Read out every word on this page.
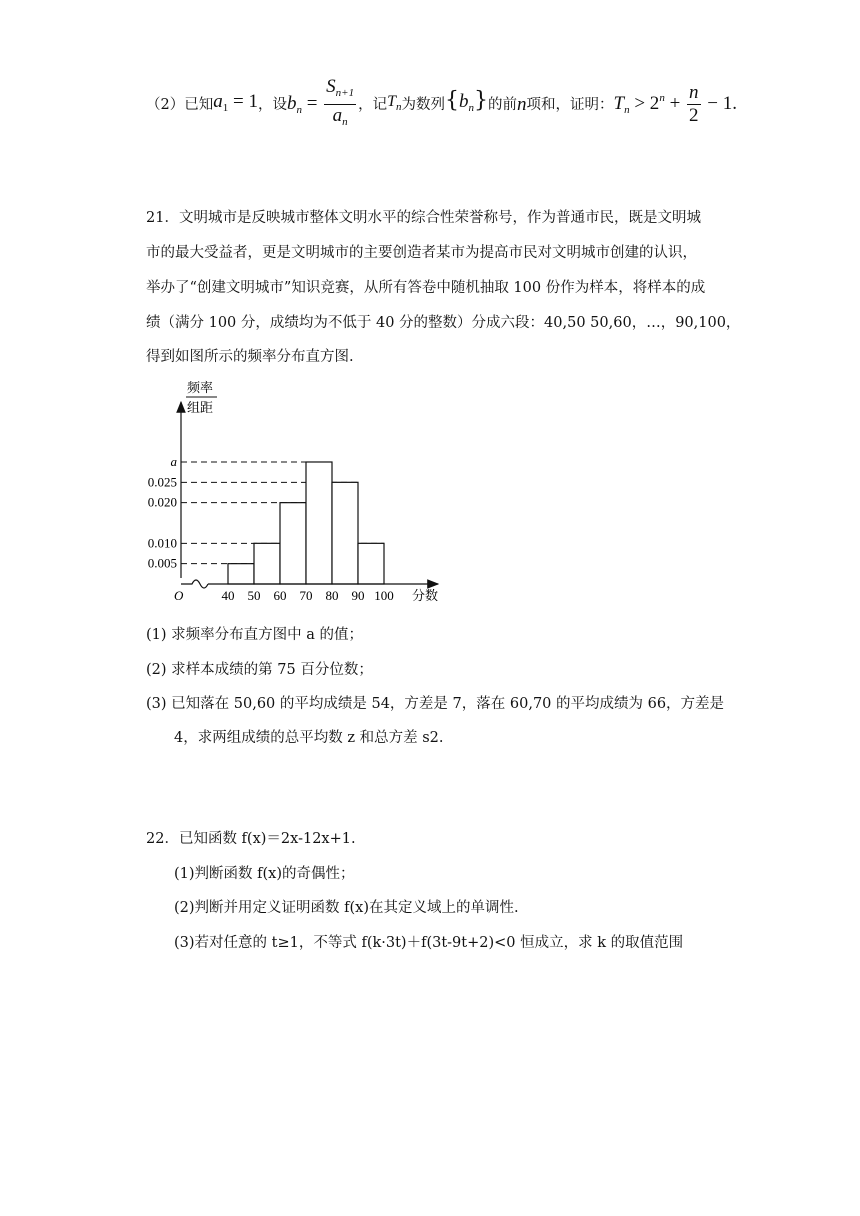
（2）已知 $a_1 = 1$ ，设 $b_n = \frac{S_{n+1}}{a_n}$ ，记 $T_n$ 为数列 $\{b_n\}$ 的前 n 项和，证明： $T_n > 2^n + \frac{n}{2} - 1$.
21．文明城市是反映城市整体文明水平的综合性荣誉称号，作为普通市民，既是文明城
市的最大受益者，更是文明城市的主要创造者某市为提高市民对文明城市创建的认识，
举办了“创建文明城市”知识竞赛，从所有答卷中随机抽取 100 份作为样本，将样本的成
绩（满分 100 分，成绩均为不低于 40 分的整数）分成六段：40,50 50,60，…，90,100，
得到如图所示的频率分布直方图.
频率
组距
O	分数
a
0.025
0.020
0.010
0.005
40 50 60 70 80 90 100
(1) 求频率分布直方图中 a 的值；
(2) 求样本成绩的第 75 百分位数；
(3) 已知落在 50,60 的平均成绩是 54，方差是 7，落在 60,70 的平均成绩为 66，方差是
4，求两组成绩的总平均数 z 和总方差 s2.
22．已知函数 f(x)＝2x-12x+1.
(1)判断函数 f(x)的奇偶性；
(2)判断并用定义证明函数 f(x)在其定义域上的单调性.
(3)若对任意的 t≥1，不等式 f(k·3t)＋f(3t-9t+2)<0 恒成立，求 k 的取值范围
